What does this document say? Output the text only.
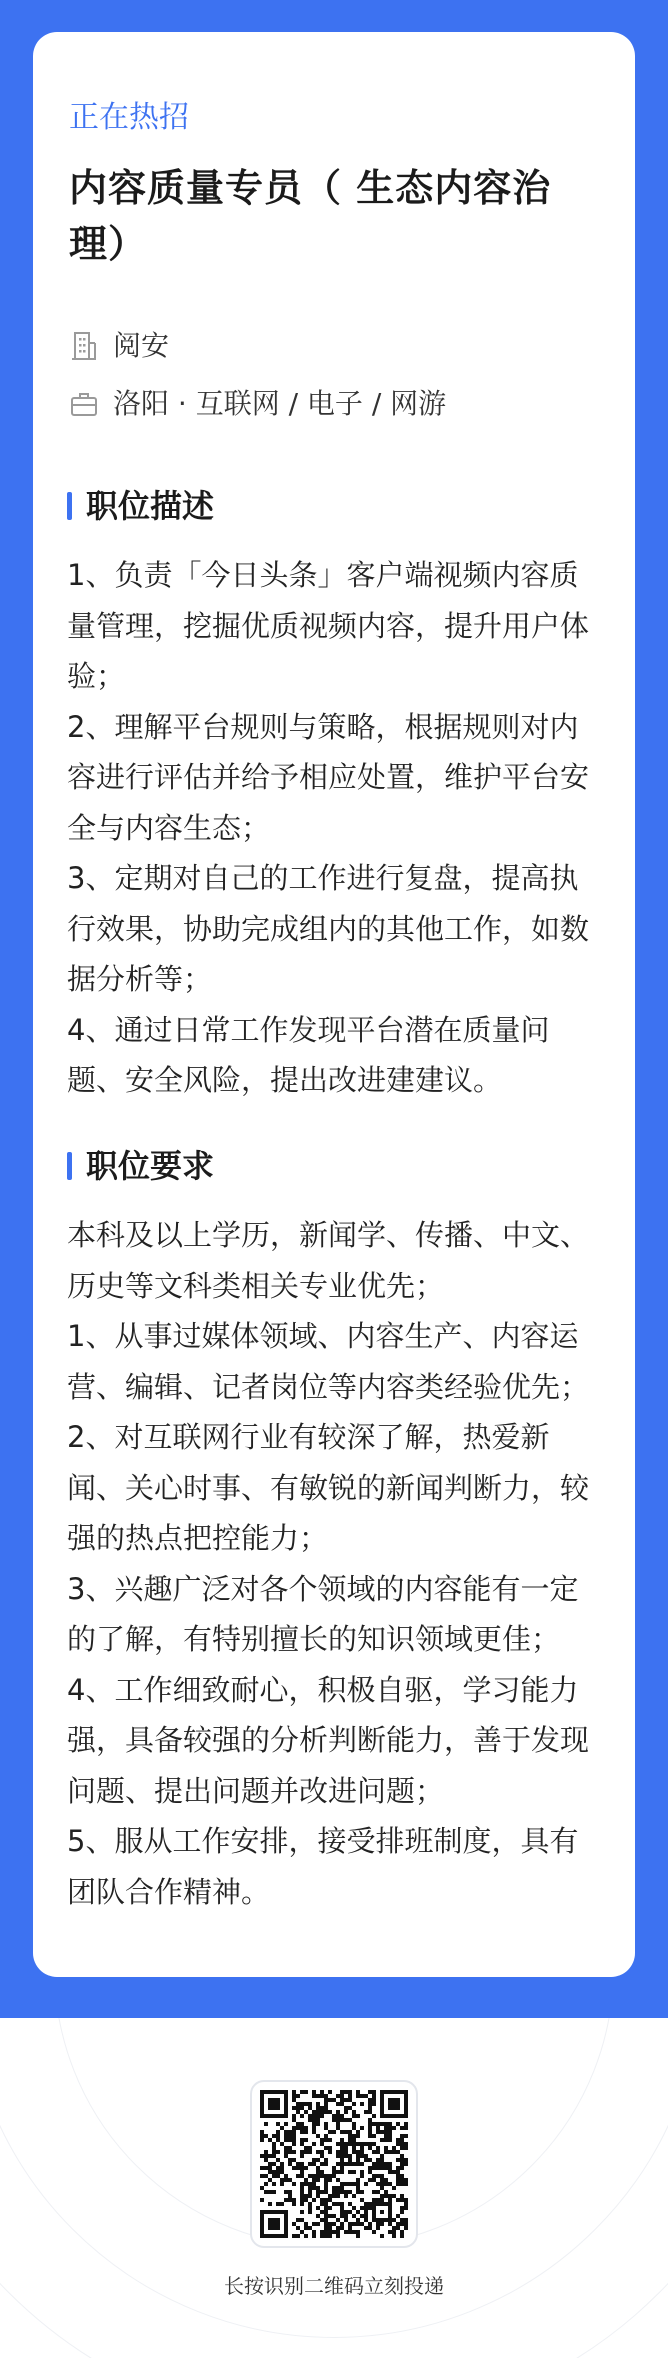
正在热招
内容质量专员（ 生态内容治理）
阅安
洛阳 · 互联网 / 电子 / 网游
职位描述
1、负责「今日头条」客户端视频内容质量管理，挖掘优质视频内容，提升用户体验；
2、理解平台规则与策略，根据规则对内容进行评估并给予相应处置，维护平台安全与内容生态；
3、定期对自己的工作进行复盘，提高执行效果，协助完成组内的其他工作，如数据分析等；
4、通过日常工作发现平台潜在质量问题、安全风险，提出改进建建议。
职位要求
本科及以上学历，新闻学、传播、中文、历史等文科类相关专业优先；
1、从事过媒体领域、内容生产、内容运营、编辑、记者岗位等内容类经验优先；
2、对互联网行业有较深了解，热爱新闻、关心时事、有敏锐的新闻判断力，较强的热点把控能力；
3、兴趣广泛对各个领域的内容能有一定的了解，有特别擅长的知识领域更佳；
4、工作细致耐心，积极自驱，学习能力强，具备较强的分析判断能力，善于发现问题、提出问题并改进问题；
5、服从工作安排，接受排班制度，具有团队合作精神。
长按识别二维码立刻投递
